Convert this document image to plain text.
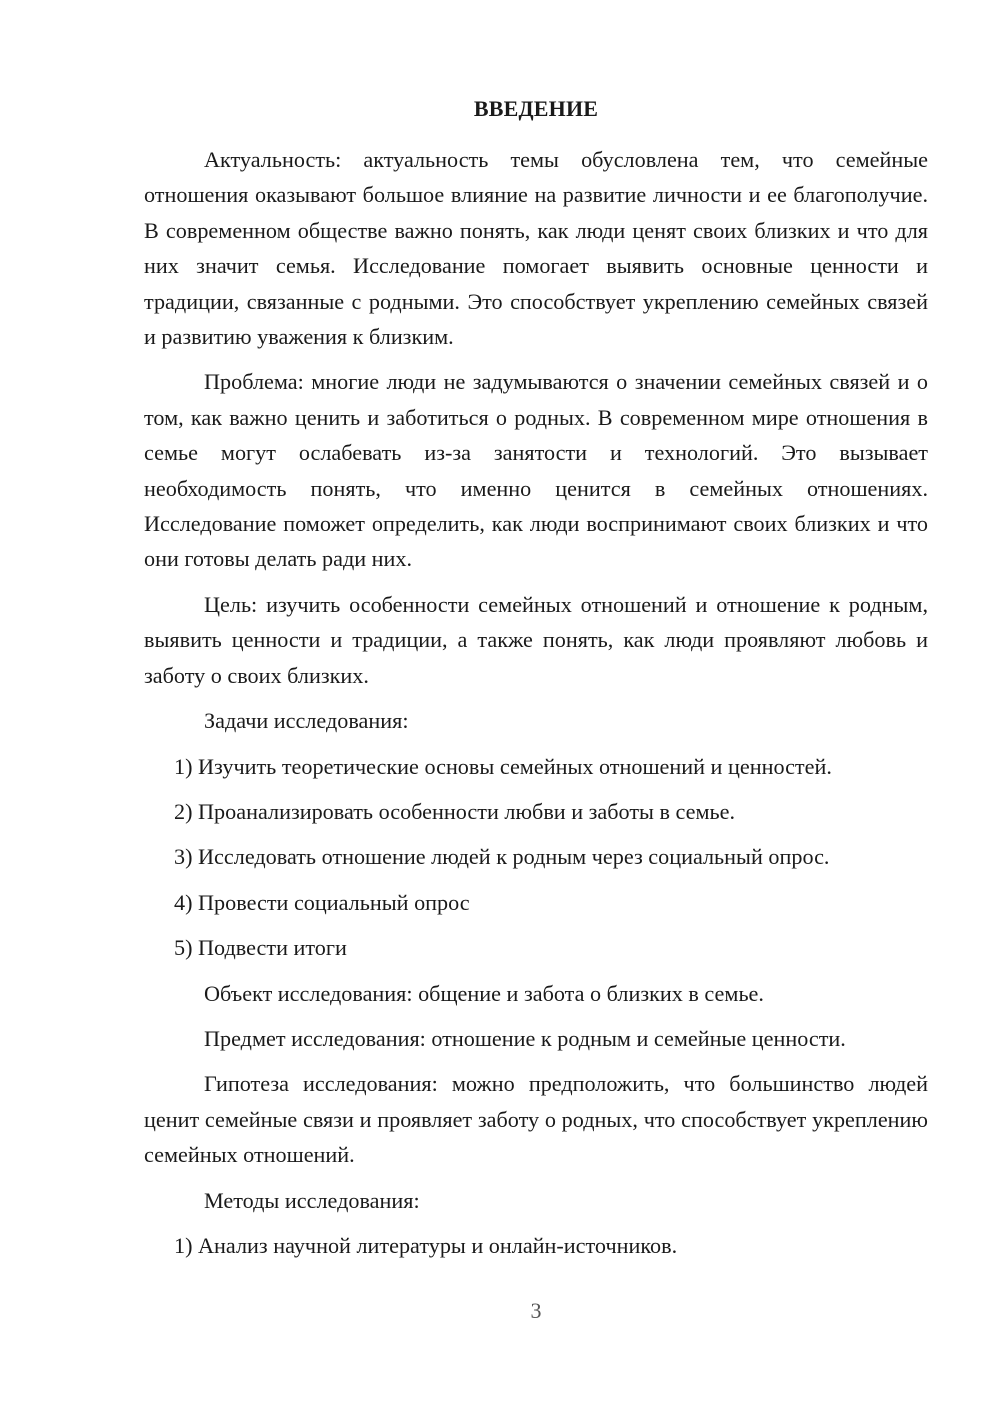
ВВЕДЕНИЕ

Актуальность: актуальность темы обусловлена тем, что семейные отношения оказывают большое влияние на развитие личности и ее благополучие. В современном обществе важно понять, как люди ценят своих близких и что для них значит семья. Исследование помогает выявить основные ценности и традиции, связанные с родными. Это способствует укреплению семейных связей и развитию уважения к близким.

Проблема: многие люди не задумываются о значении семейных связей и о том, как важно ценить и заботиться о родных. В современном мире отношения в семье могут ослабевать из-за занятости и технологий. Это вызывает необходимость понять, что именно ценится в семейных отношениях. Исследование поможет определить, как люди воспринимают своих близких и что они готовы делать ради них.

Цель: изучить особенности семейных отношений и отношение к родным, выявить ценности и традиции, а также понять, как люди проявляют любовь и заботу о своих близких.

Задачи исследования:

1) Изучить теоретические основы семейных отношений и ценностей.

2) Проанализировать особенности любви и заботы в семье.

3) Исследовать отношение людей к родным через социальный опрос.

4) Провести социальный опрос

5) Подвести итоги

Объект исследования: общение и забота о близких в семье.

Предмет исследования: отношение к родным и семейные ценности.

Гипотеза исследования: можно предположить, что большинство людей ценит семейные связи и проявляет заботу о родных, что способствует укреплению семейных отношений.

Методы исследования:

1) Анализ научной литературы и онлайн-источников.

3
